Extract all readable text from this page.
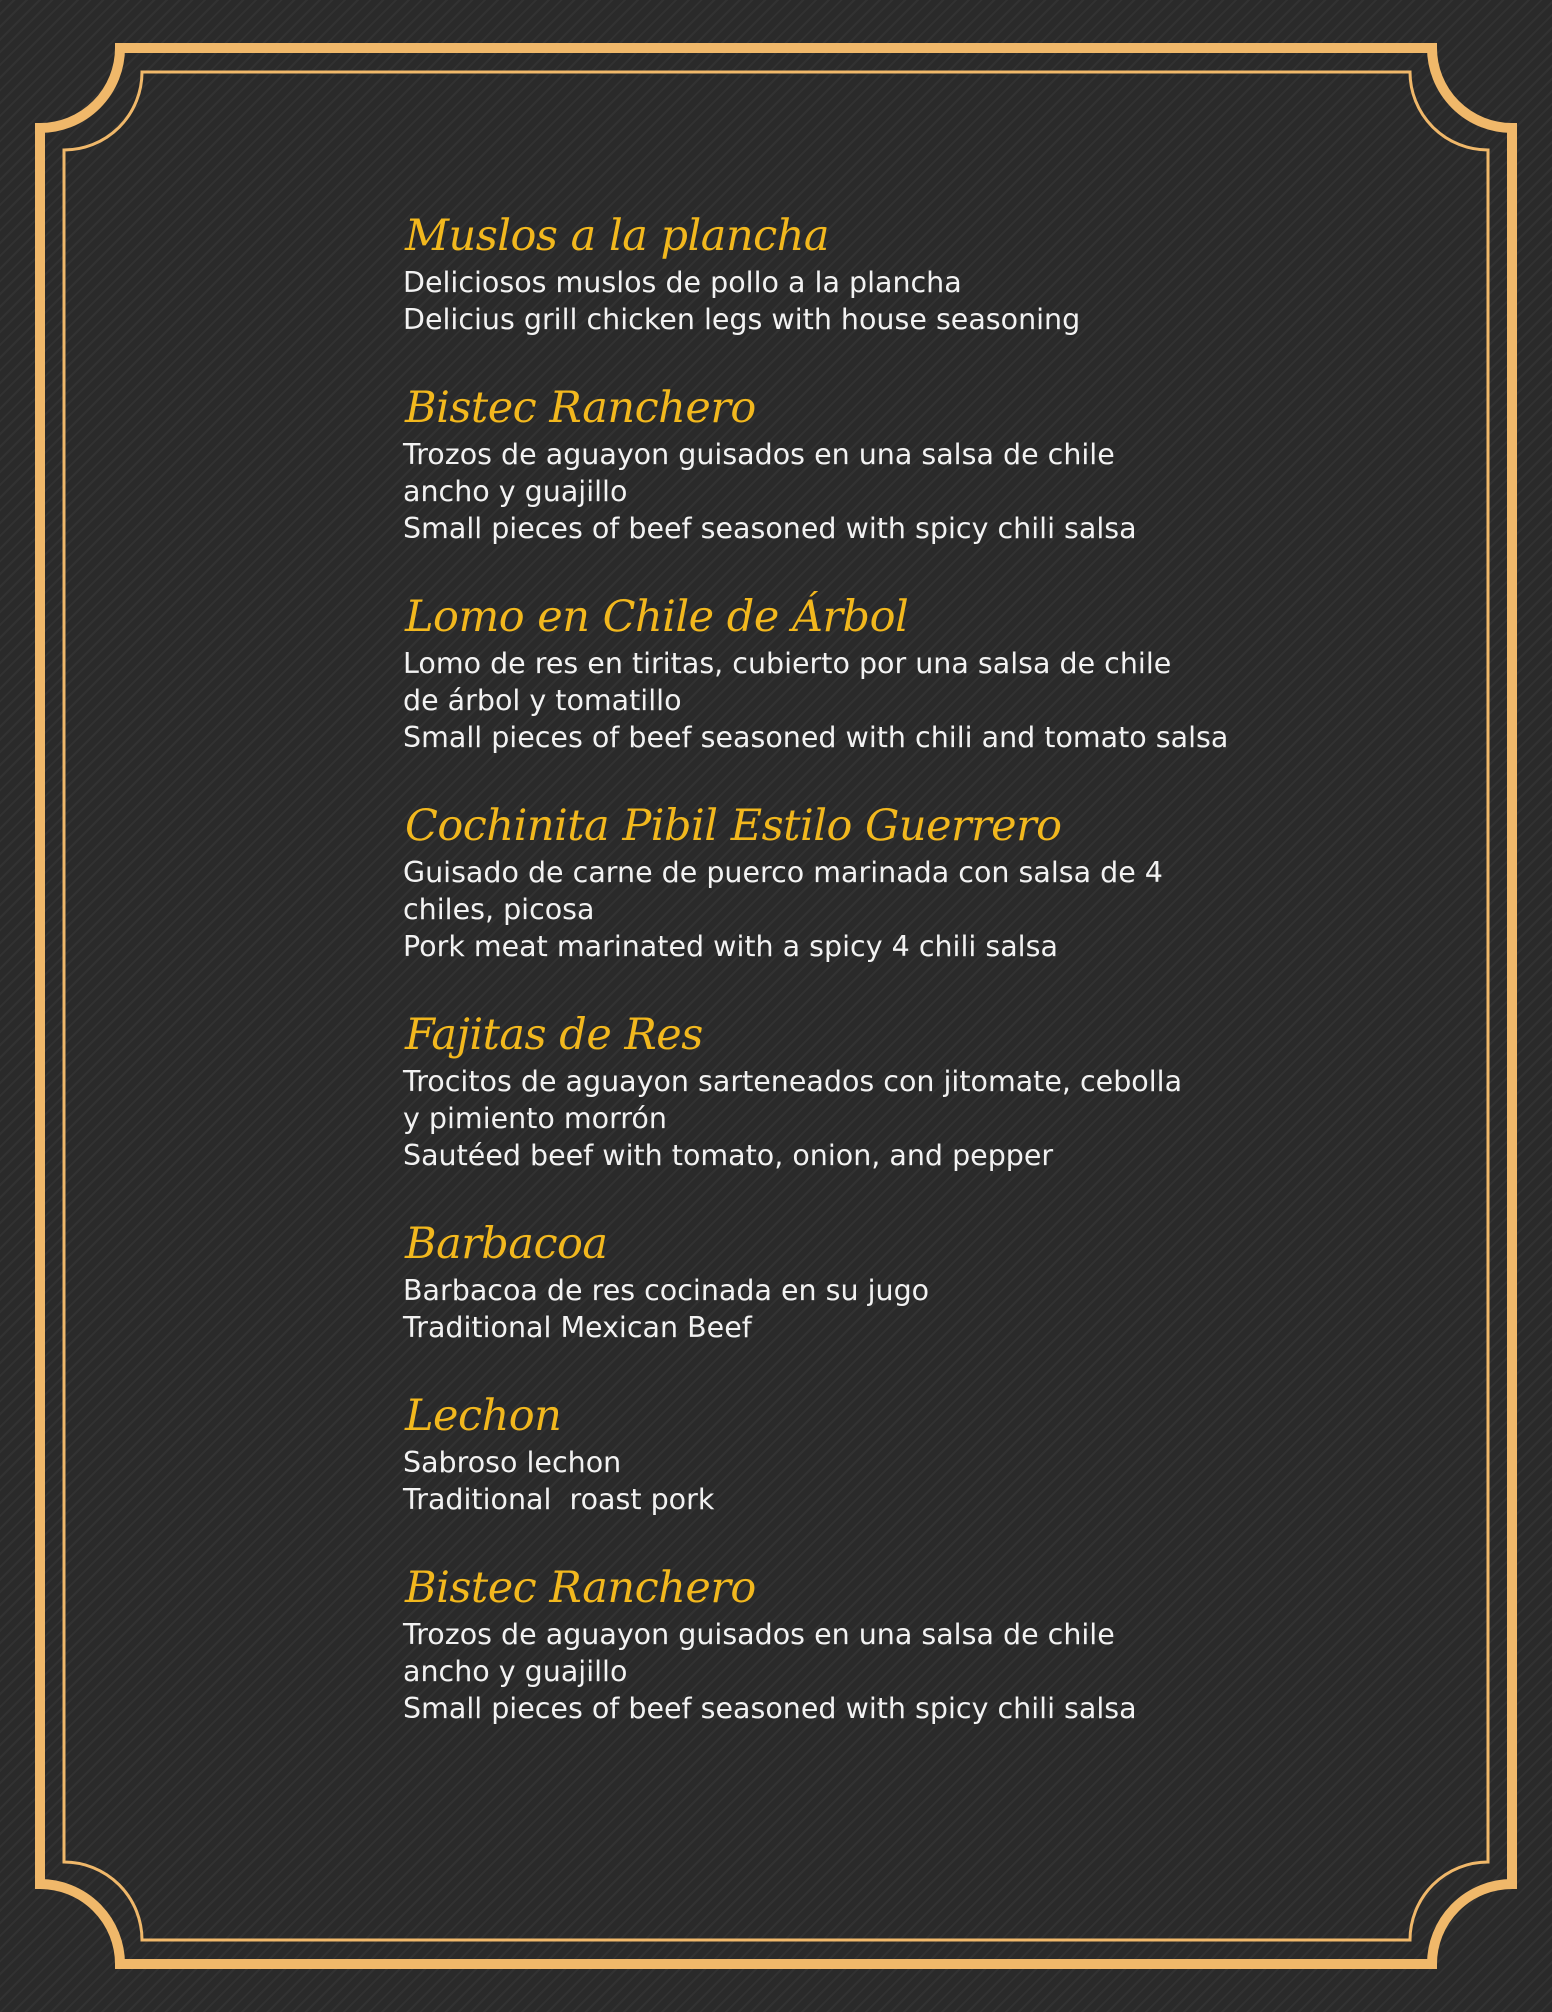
Muslos a la plancha
Deliciosos muslos de pollo a la plancha
Delicius grill chicken legs with house seasoning
Bistec Ranchero
Trozos de aguayon guisados en una salsa de chile
ancho y guajillo
Small pieces of beef seasoned with spicy chili salsa
Lomo en Chile de Árbol
Lomo de res en tiritas, cubierto por una salsa de chile
de árbol y tomatillo
Small pieces of beef seasoned with chili and tomato salsa
Cochinita Pibil Estilo Guerrero
Guisado de carne de puerco marinada con salsa de 4
chiles, picosa
Pork meat marinated with a spicy 4 chili salsa
Fajitas de Res
Trocitos de aguayon sarteneados con jitomate, cebolla
y pimiento morrón
Sautéed beef with tomato, onion, and pepper
Barbacoa
Barbacoa de res cocinada en su jugo
Traditional Mexican Beef
Lechon
Sabroso lechon
Traditional  roast pork
Bistec Ranchero
Trozos de aguayon guisados en una salsa de chile
ancho y guajillo
Small pieces of beef seasoned with spicy chili salsa
